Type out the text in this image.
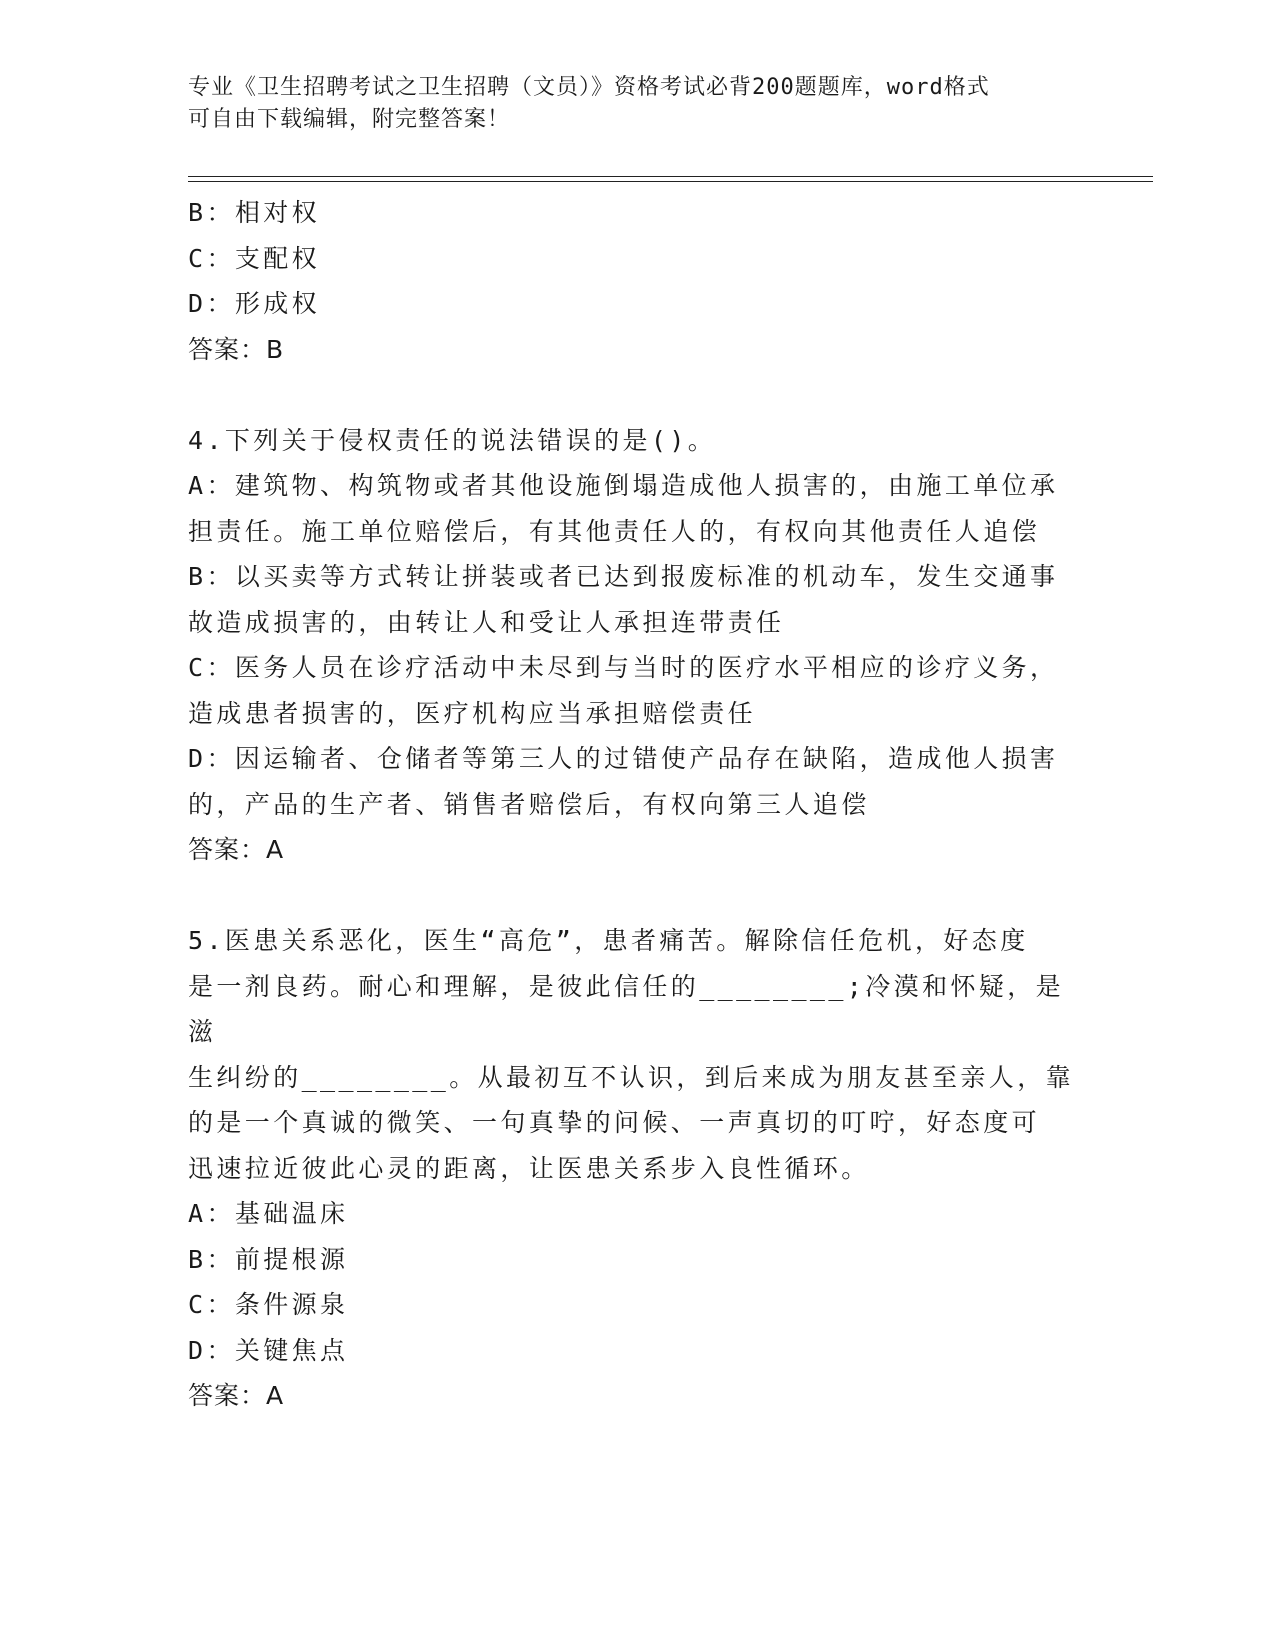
专业《卫生招聘考试之卫生招聘（文员）》资格考试必背200题题库，word格式
可自由下载编辑，附完整答案！

B：相对权

C：支配权

D：形成权

答案：B

4.下列关于侵权责任的说法错误的是()。

A：建筑物、构筑物或者其他设施倒塌造成他人损害的，由施工单位承

担责任。施工单位赔偿后，有其他责任人的，有权向其他责任人追偿

B：以买卖等方式转让拼装或者已达到报废标准的机动车，发生交通事

故造成损害的，由转让人和受让人承担连带责任

C：医务人员在诊疗活动中未尽到与当时的医疗水平相应的诊疗义务，

造成患者损害的，医疗机构应当承担赔偿责任

D：因运输者、仓储者等第三人的过错使产品存在缺陷，造成他人损害

的，产品的生产者、销售者赔偿后，有权向第三人追偿

答案：A

5.医患关系恶化，医生“高危”，患者痛苦。解除信任危机，好态度

是一剂良药。耐心和理解，是彼此信任的________;冷漠和怀疑，是滋

生纠纷的________。从最初互不认识，到后来成为朋友甚至亲人，靠

的是一个真诚的微笑、一句真挚的问候、一声真切的叮咛，好态度可

迅速拉近彼此心灵的距离，让医患关系步入良性循环。

A：基础温床

B：前提根源

C：条件源泉

D：关键焦点

答案：A
